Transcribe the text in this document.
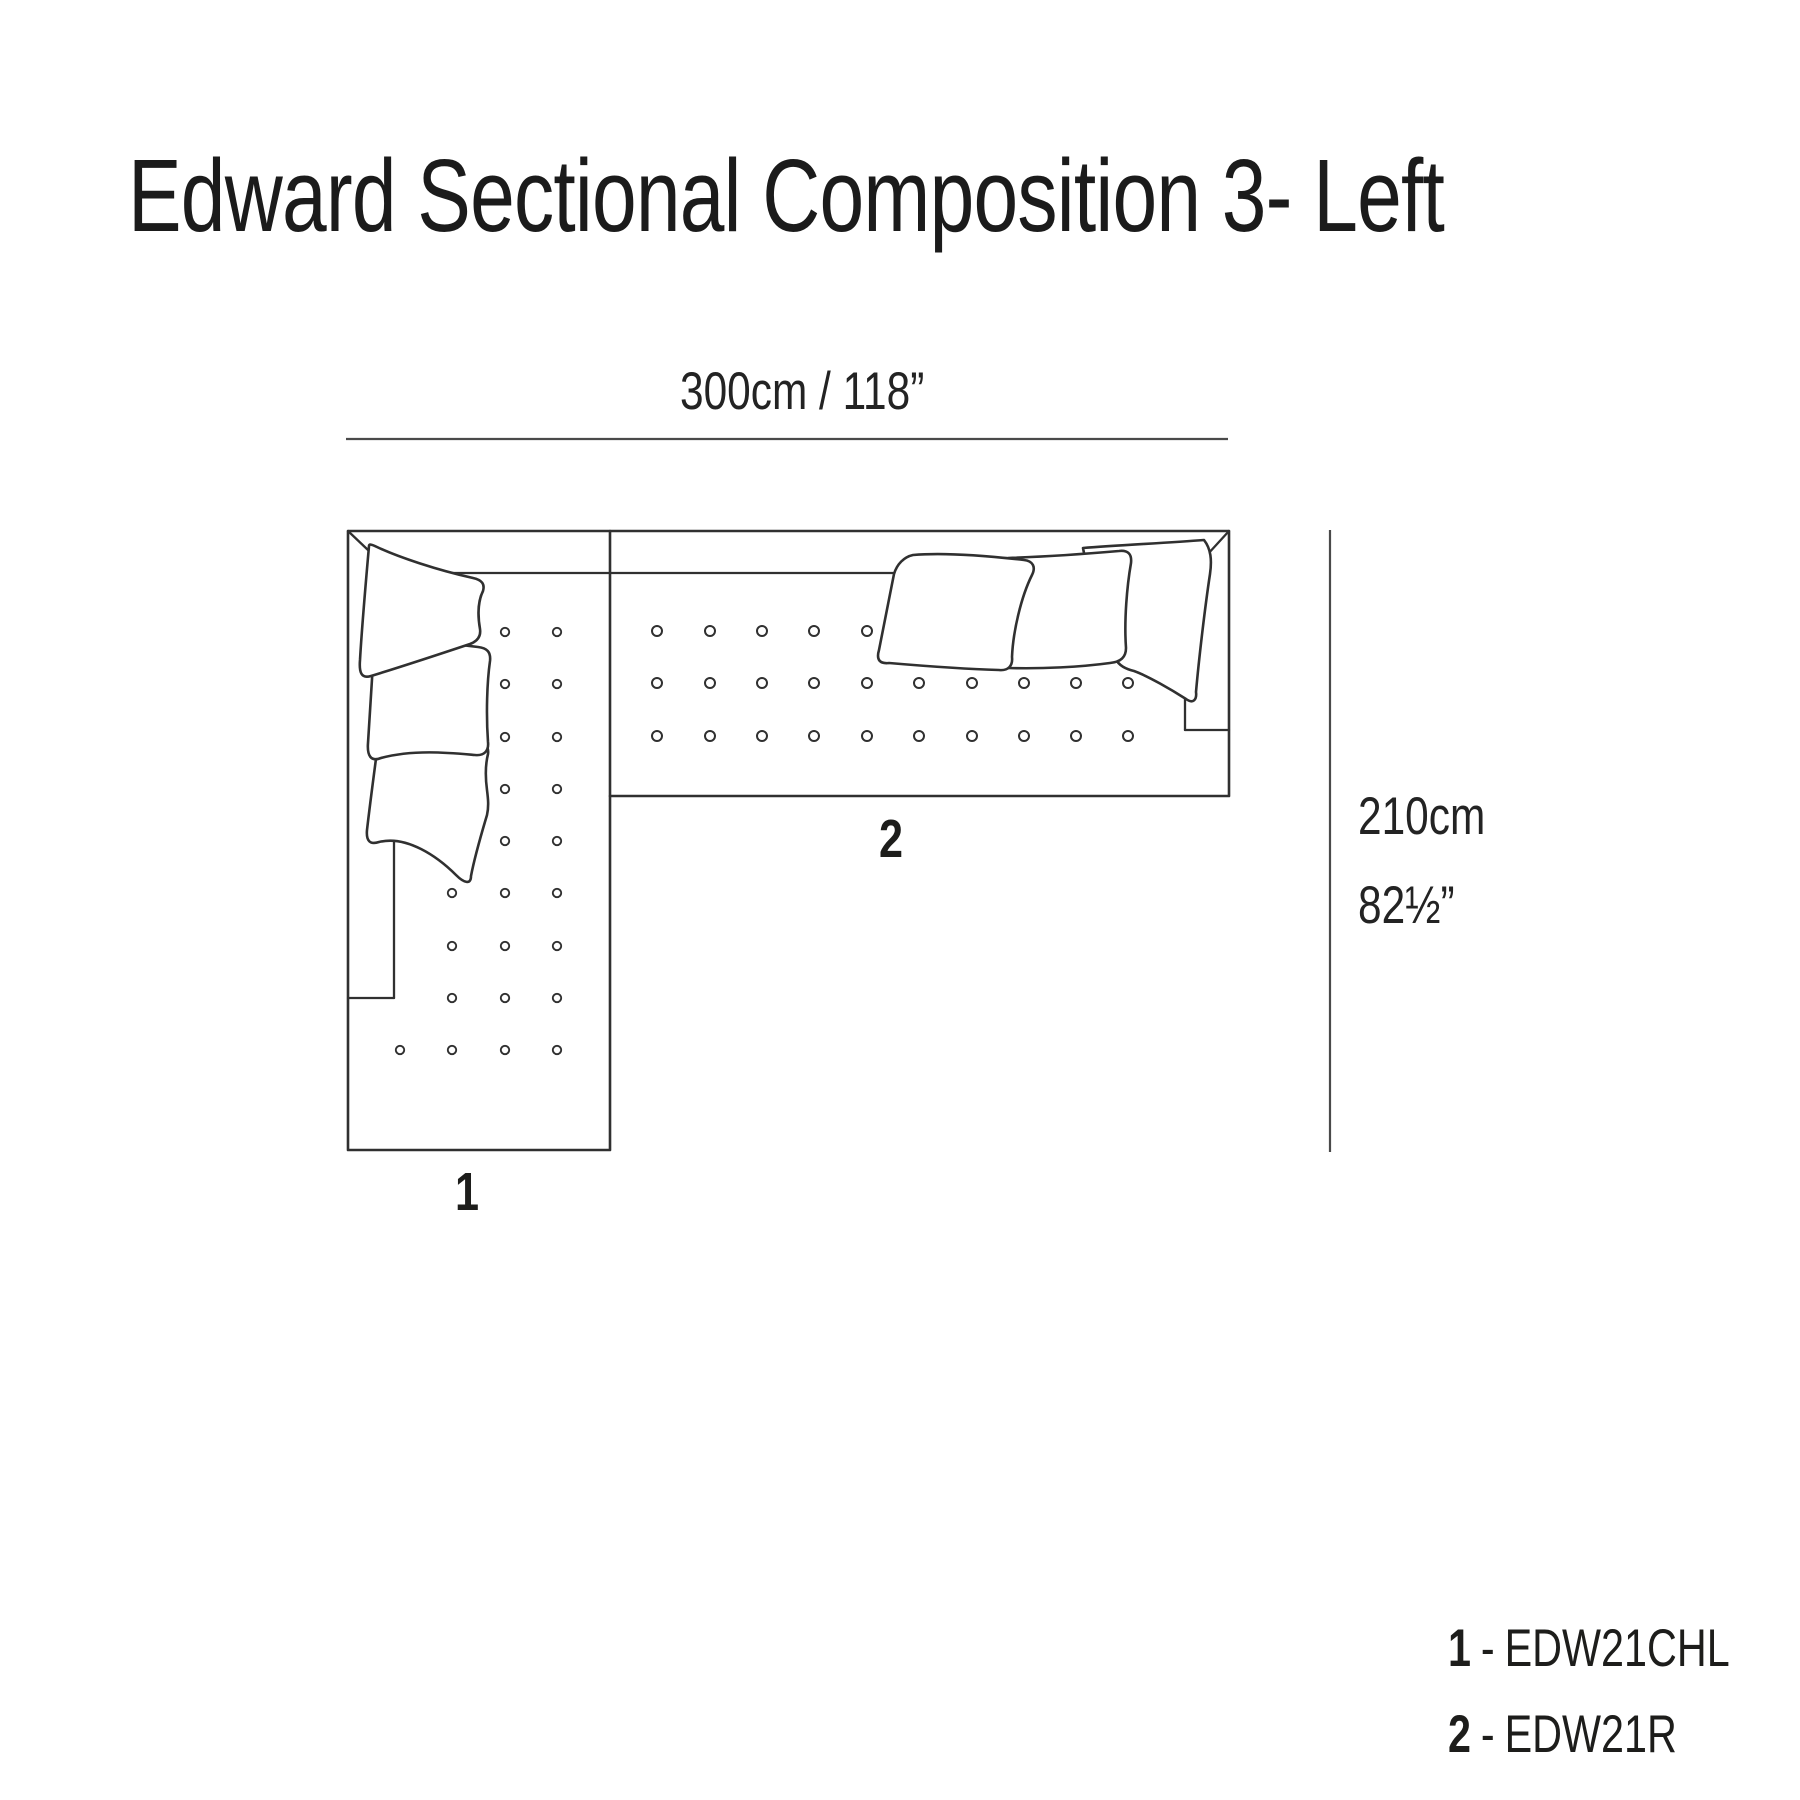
Edward Sectional Composition 3- Left
300cm / 118”
210cm
82½”
1
2
1 - EDW21CHL
2 - EDW21R
